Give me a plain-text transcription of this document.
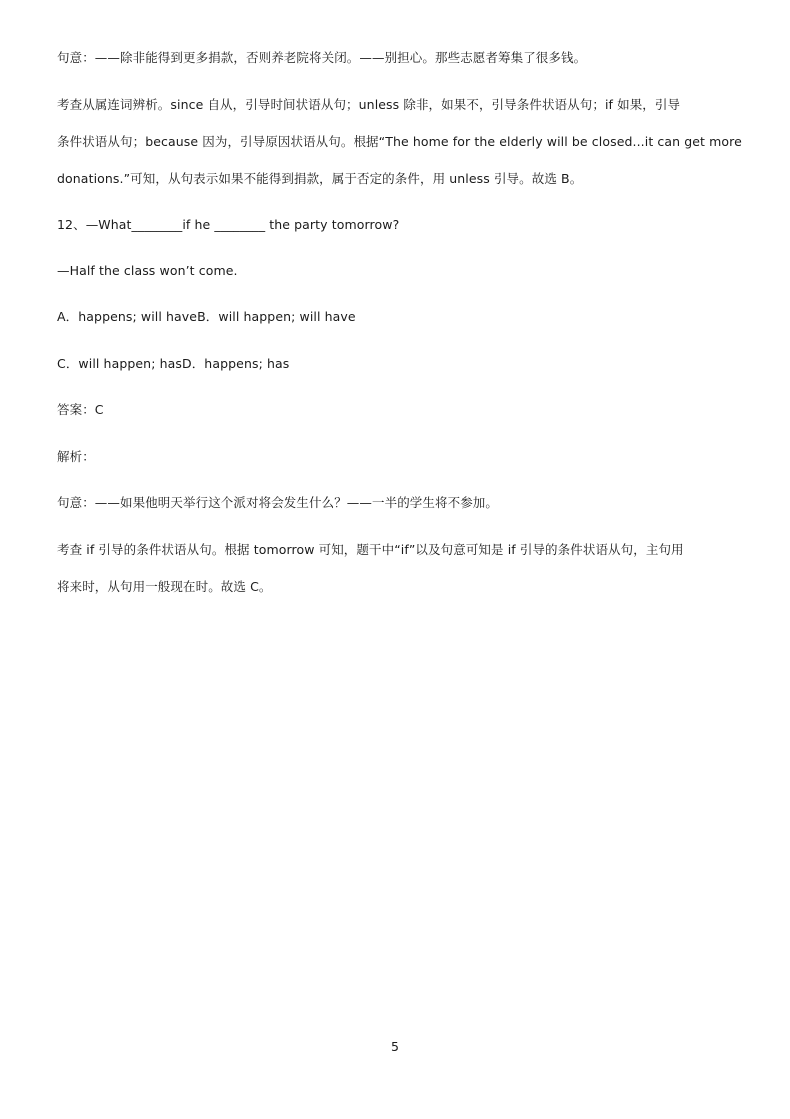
句意：——除非能得到更多捐款，否则养老院将关闭。——别担心。那些志愿者筹集了很多钱。
考查从属连词辨析。since 自从，引导时间状语从句；unless 除非，如果不，引导条件状语从句；if 如果，引导
条件状语从句；because 因为，引导原因状语从句。根据“The home for the elderly will be closed...it can get more
donations.”可知，从句表示如果不能得到捐款，属于否定的条件，用 unless 引导。故选 B。
12、—What________if he ________ the party tomorrow?
—Half the class won’t come.
A．happens; will haveB．will happen; will have
C．will happen; hasD．happens; has
答案：C
解析：
句意：——如果他明天举行这个派对将会发生什么？——一半的学生将不参加。
考查 if 引导的条件状语从句。根据 tomorrow 可知，题干中“if”以及句意可知是 if 引导的条件状语从句，主句用
将来时，从句用一般现在时。故选 C。
5
